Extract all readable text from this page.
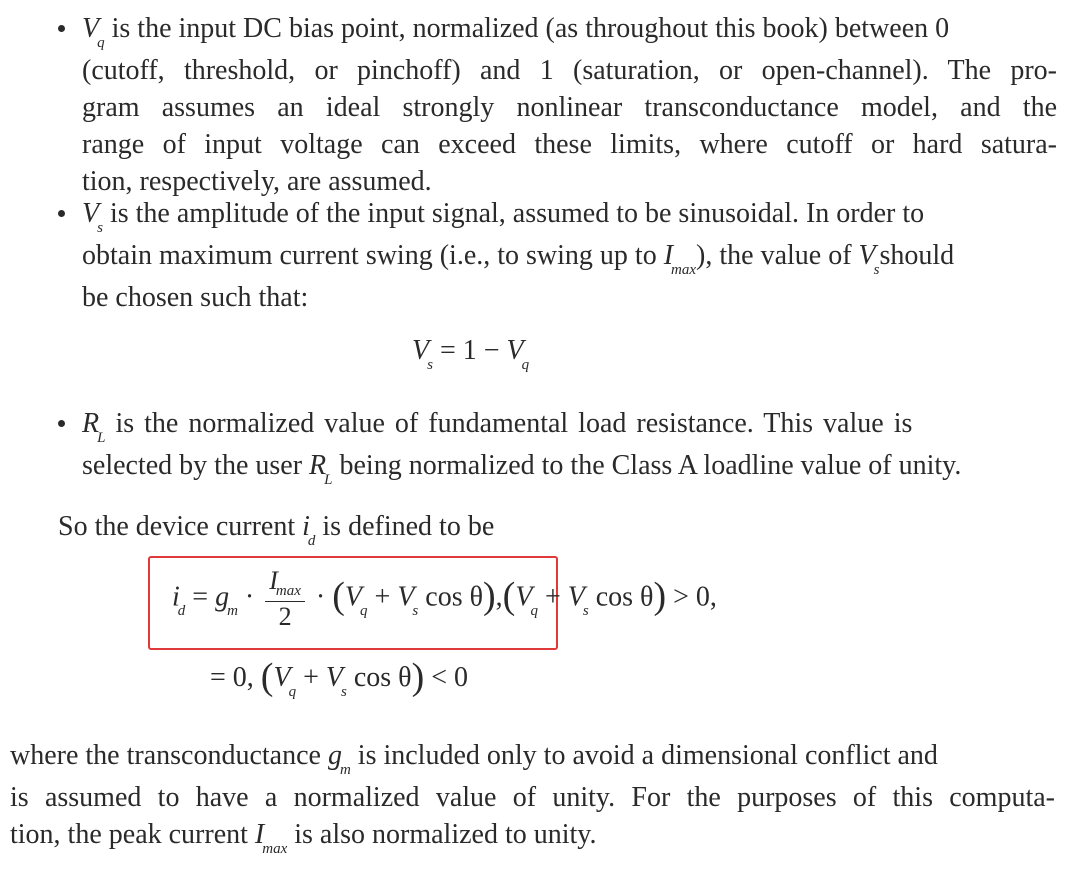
$V_q$ is the input DC bias point, normalized (as throughout this book) between 0
(cutoff, threshold, or pinchoff) and 1 (saturation, or open-channel). The pro-
gram assumes an ideal strongly nonlinear transconductance model, and the
range of input voltage can exceed these limits, where cutoff or hard satura-
tion, respectively, are assumed.
$V_s$ is the amplitude of the input signal, assumed to be sinusoidal. In order to
obtain maximum current swing (i.e., to swing up to $I_{max}$), the value of $V_sshould$
be chosen such that:
$V_s = 1 - V_q$
$R_L$ is the normalized value of fundamental load resistance. This value is
selected by the user $R_L$ being normalized to the Class A loadline value of unity.
So the device current $i_d$ is defined to be
$i_d = g_m \cdot \frac{I_{max}}{2} \cdot (V_q + V_s$ $\cos \theta),(V_q + V_s$ cos θ) > 0,
= 0, ($V_q + V_s$ cos θ) < 0
where the transconductance $g_m$ is included only to avoid a dimensional conflict and
is assumed to have a normalized value of unity. For the purposes of this computa-
tion, the peak current $I_{max}$ is also normalized to unity.
